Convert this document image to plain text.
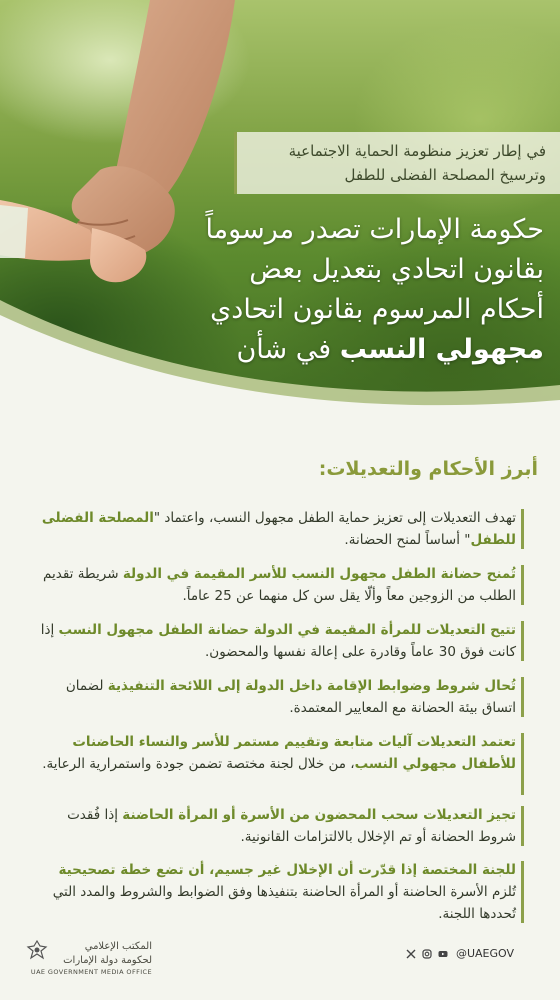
في إطار تعزيز منظومة الحماية الاجتماعية
وترسيخ المصلحة الفضلى للطفل
حكومة الإمارات تصدر مرسوماً
بقانون اتحادي بتعديل بعض
أحكام المرسوم بقانون اتحادي
مجهولي النسب في شأن
أبرز الأحكام والتعديلات:
تهدف التعديلات إلى تعزيز حماية الطفل مجهول النسب، واعتماد "المصلحة الفضلى للطفل" أساساً لمنح الحضانة.
تُمنح حضانة الطفل مجهول النسب للأسر المقيمة في الدولة شريطة تقديم الطلب من الزوجين معاً وألّا يقل سن كل منهما عن 25 عاماً.
تتيح التعديلات للمرأة المقيمة في الدولة حضانة الطفل مجهول النسب إذا كانت فوق 30 عاماً وقادرة على إعالة نفسها والمحضون.
تُحال شروط وضوابط الإقامة داخل الدولة إلى اللائحة التنفيذية لضمان اتساق بيئة الحضانة مع المعايير المعتمدة.
تعتمد التعديلات آليات متابعة وتقييم مستمر للأسر والنساء الحاضنات للأطفال مجهولي النسب، من خلال لجنة مختصة تضمن جودة واستمرارية الرعاية.
تجيز التعديلات سحب المحضون من الأسرة أو المرأة الحاضنة إذا فُقدت شروط الحضانة أو تم الإخلال بالالتزامات القانونية.
للجنة المختصة إذا قدّرت أن الإخلال غير جسيم، أن تضع خطة تصحيحية تُلزم الأسرة الحاضنة أو المرأة الحاضنة بتنفيذها وفق الضوابط والشروط والمدد التي تُحددها اللجنة.
المكتب الإعلامي
لحكومة دولة الإمارات
UAE GOVERNMENT MEDIA OFFICE
@UAEGOV
